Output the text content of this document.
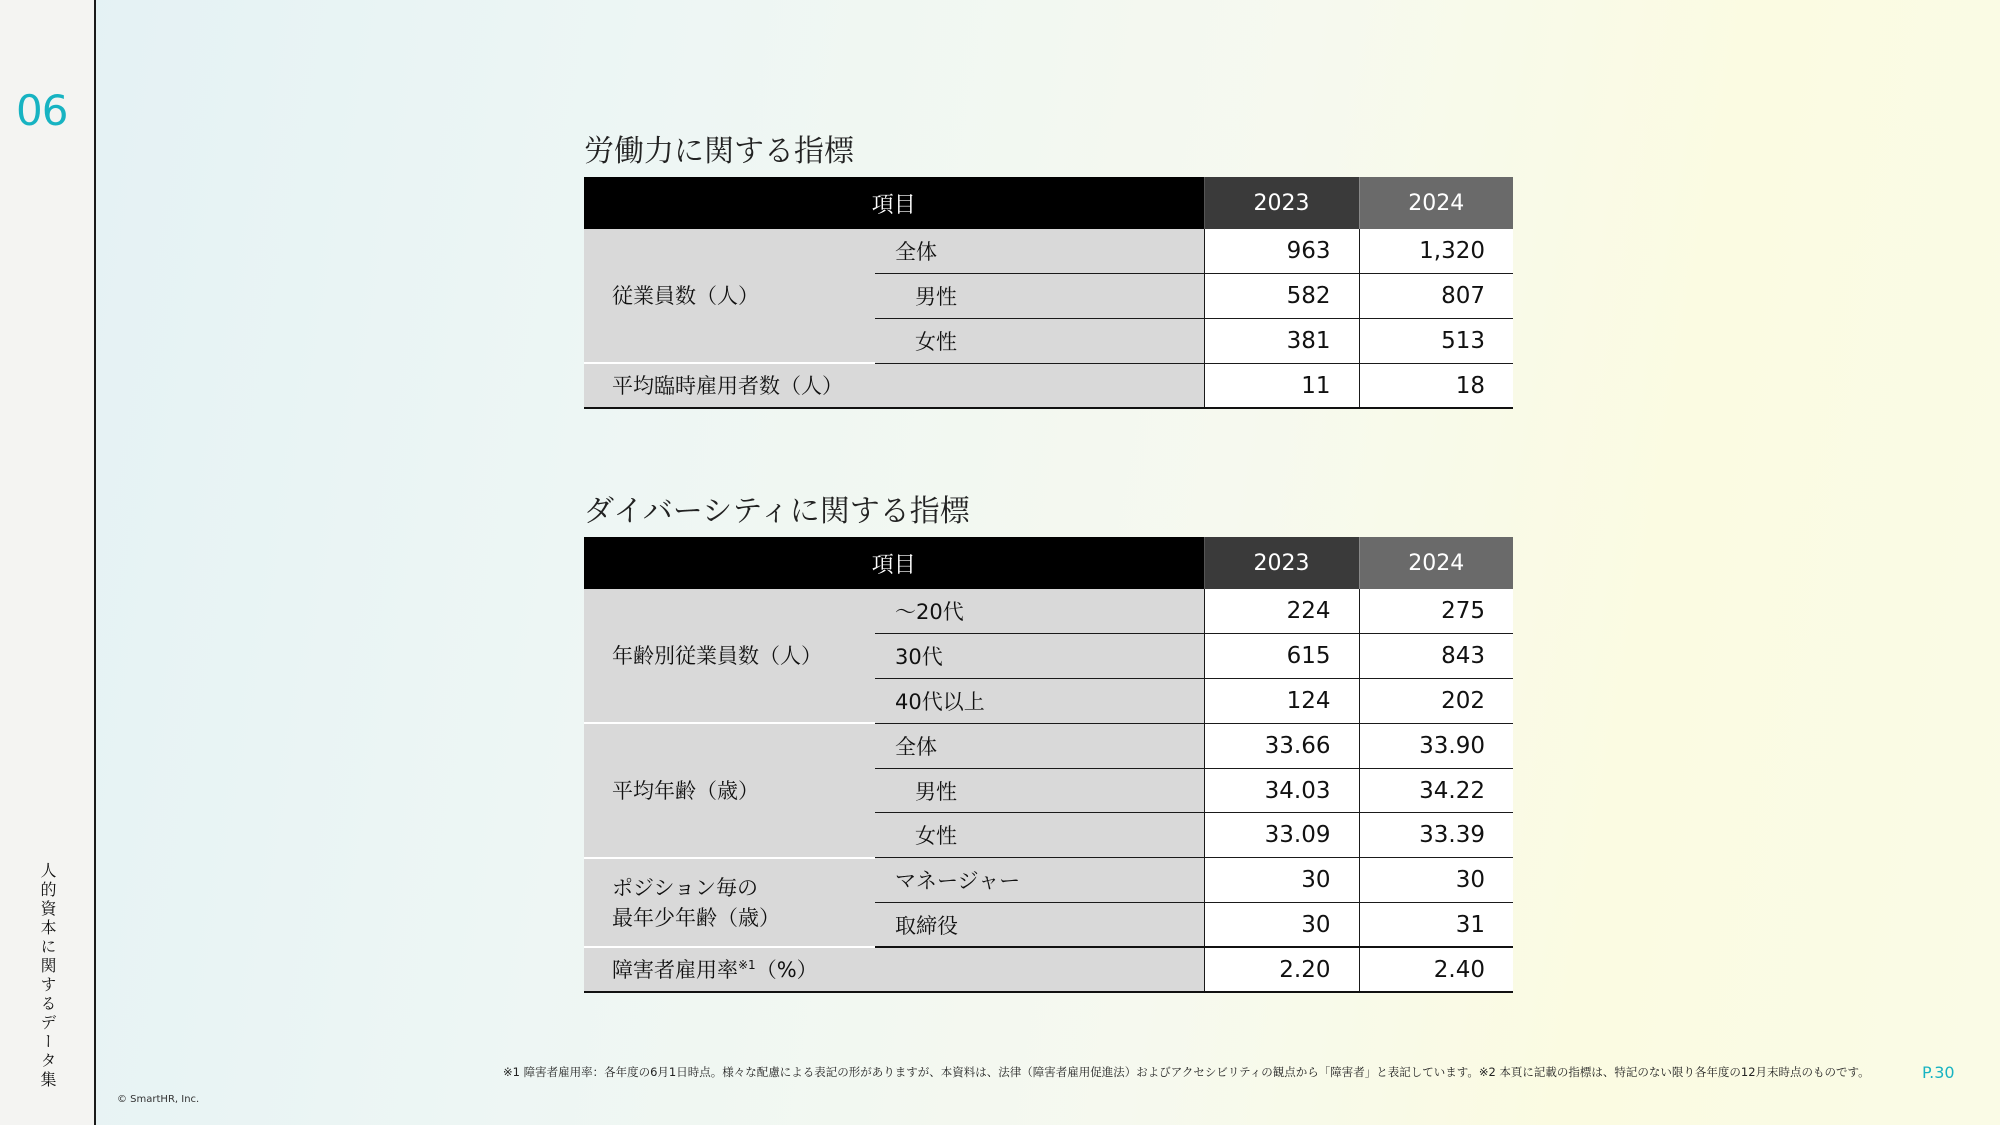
06
人的資本に関するデータ集
© SmartHR, Inc.
労働力に関する指標
項目		2023	2024
従業員数（人）	全体	963	1,320
	男性	582	807
	女性	381	513
平均臨時雇用者数（人）		11	18
ダイバーシティに関する指標
項目		2023	2024
年齢別従業員数（人）	〜20代	224	275
	30代	615	843
	40代以上	124	202
平均年齢（歳）	全体	33.66	33.90
	男性	34.03	34.22
	女性	33.09	33.39
ポジション毎の
最年少年齢（歳）	マネージャー	30	30
	取締役	30	31
障害者雇用率$^{※1}$（%）		2.20	2.40
※1 障害者雇用率：各年度の6月1日時点。様々な配慮による表記の形がありますが、本資料は、法律（障害者雇用促進法）およびアクセシビリティの観点から「障害者」と表記しています。※2 本頁に記載の指標は、特記のない限り各年度の12月末時点のものです。	P.30
